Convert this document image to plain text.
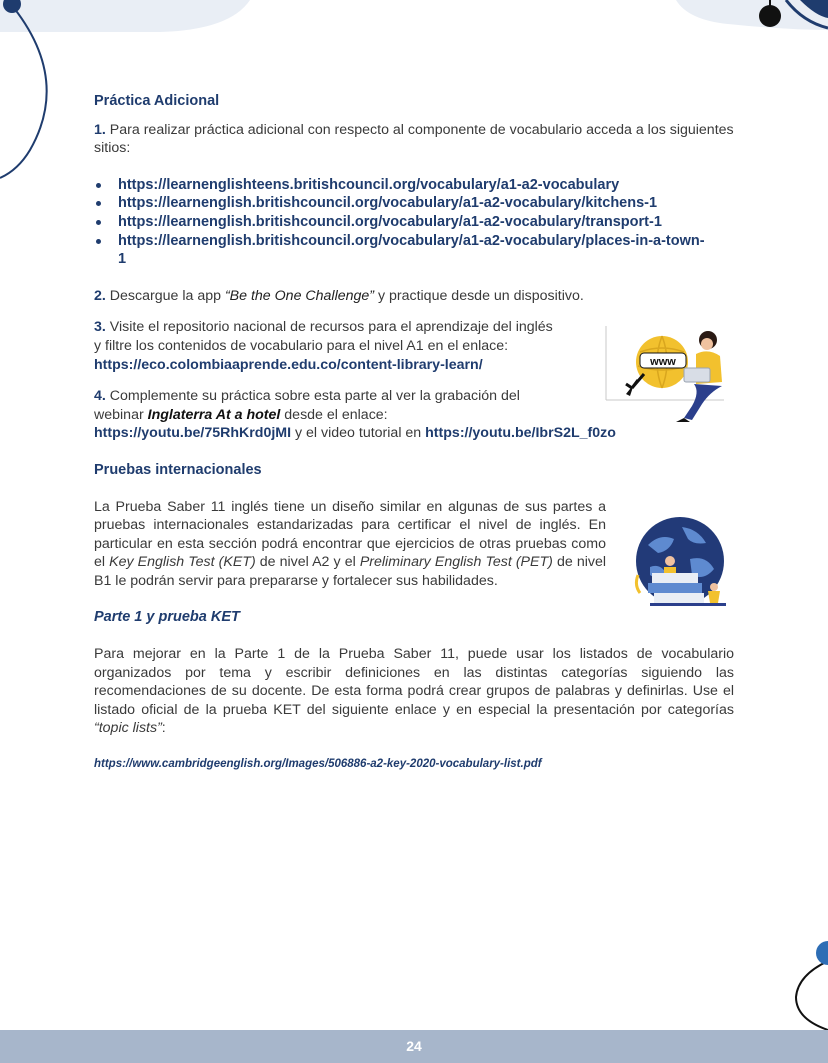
www
Práctica Adicional
1. Para realizar práctica adicional con respecto al componente de vocabulario acceda a los siguientes sitios:
https://learnenglishteens.britishcouncil.org/vocabulary/a1-a2-vocabulary
https://learnenglish.britishcouncil.org/vocabulary/a1-a2-vocabulary/kitchens-1
https://learnenglish.britishcouncil.org/vocabulary/a1-a2-vocabulary/transport-1
https://learnenglish.britishcouncil.org/vocabulary/a1-a2-vocabulary/places-in-a-town-1
2. Descargue la app “Be the One Challenge” y practique desde un dispositivo.
3. Visite el repositorio nacional de recursos para el aprendizaje del inglés
y filtre los contenidos de vocabulario para el nivel A1 en el enlace:
https://eco.colombiaaprende.edu.co/content-library-learn/
4. Complemente su práctica sobre esta parte al ver la grabación del
webinar Inglaterra At a hotel desde el enlace:
https://youtu.be/75RhKrd0jMI y el video tutorial en https://youtu.be/IbrS2L_f0zo
Pruebas internacionales
La Prueba Saber 11 inglés tiene un diseño similar en algunas de sus partes a pruebas internacionales estandarizadas para certificar el nivel de inglés. En particular en esta sección podrá encontrar que ejercicios de otras pruebas como el Key English Test (KET) de nivel A2 y el Preliminary English Test (PET) de nivel B1 le podrán servir para prepararse y fortalecer sus habilidades.
Parte 1 y prueba KET
Para mejorar en la Parte 1 de la Prueba Saber 11, puede usar los listados de vocabulario organizados por tema y escribir definiciones en las distintas categorías siguiendo las recomendaciones de su docente. De esta forma podrá crear grupos de palabras y definirlas. Use el listado oficial de la prueba KET del siguiente enlace y en especial la presentación por categorías “topic lists”:
https://www.cambridgeenglish.org/Images/506886-a2-key-2020-vocabulary-list.pdf
24
